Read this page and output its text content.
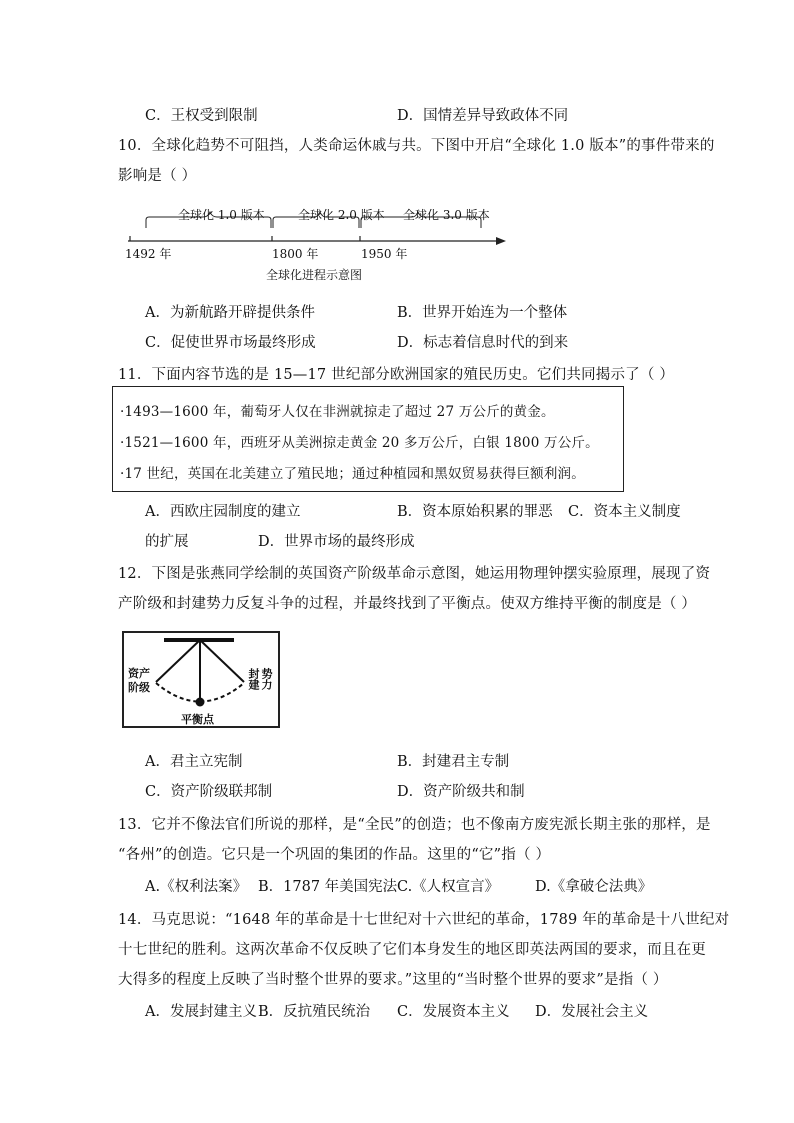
C．王权受到限制	D．国情差异导致政体不同
10．全球化趋势不可阻挡，人类命运休戚与共。下图中开启“全球化 1.0 版本”的事件带来的
影响是（ ）
全球化 1.0 版本	全球化 2.0 版本 全球化 3.0 版本
1492 年	1800 年	1950 年
全球化进程示意图
A．为新航路开辟提供条件	B．世界开始连为一个整体
C．促使世界市场最终形成	D．标志着信息时代的到来
11．下面内容节选的是 15—17 世纪部分欧洲国家的殖民历史。它们共同揭示了（ ）
·1493—1600 年，葡萄牙人仅在非洲就掠走了超过 27 万公斤的黄金。
·1521—1600 年，西班牙从美洲掠走黄金 20 多万公斤，白银 1800 万公斤。
·17 世纪，英国在北美建立了殖民地；通过种植园和黑奴贸易获得巨额利润。
A．西欧庄园制度的建立	B．资本原始积累的罪恶 C．资本主义制度
的扩展	D．世界市场的最终形成
12．下图是张燕同学绘制的英国资产阶级革命示意图，她运用物理钟摆实验原理，展现了资
产阶级和封建势力反复斗争的过程，并最终找到了平衡点。使双方维持平衡的制度是（ ）
资产
阶级	封建 势力
平衡点
A．君主立宪制	B．封建君主专制
C．资产阶级联邦制	D．资产阶级共和制
13．它并不像法官们所说的那样，是“全民”的创造；也不像南方废宪派长期主张的那样，是
“各州”的创造。它只是一个巩固的集团的作品。这里的“它”指（ ）
A.《权利法案》 B．1787 年美国宪法 C.《人权宣言》 D.《拿破仑法典》
14．马克思说：“1648 年的革命是十七世纪对十六世纪的革命，1789 年的革命是十八世纪对
十七世纪的胜利。这两次革命不仅反映了它们本身发生的地区即英法两国的要求，而且在更
大得多的程度上反映了当时整个世界的要求。”这里的“当时整个世界的要求”是指（ ）
A．发展封建主义 B．反抗殖民统治 C．发展资本主义 D．发展社会主义
